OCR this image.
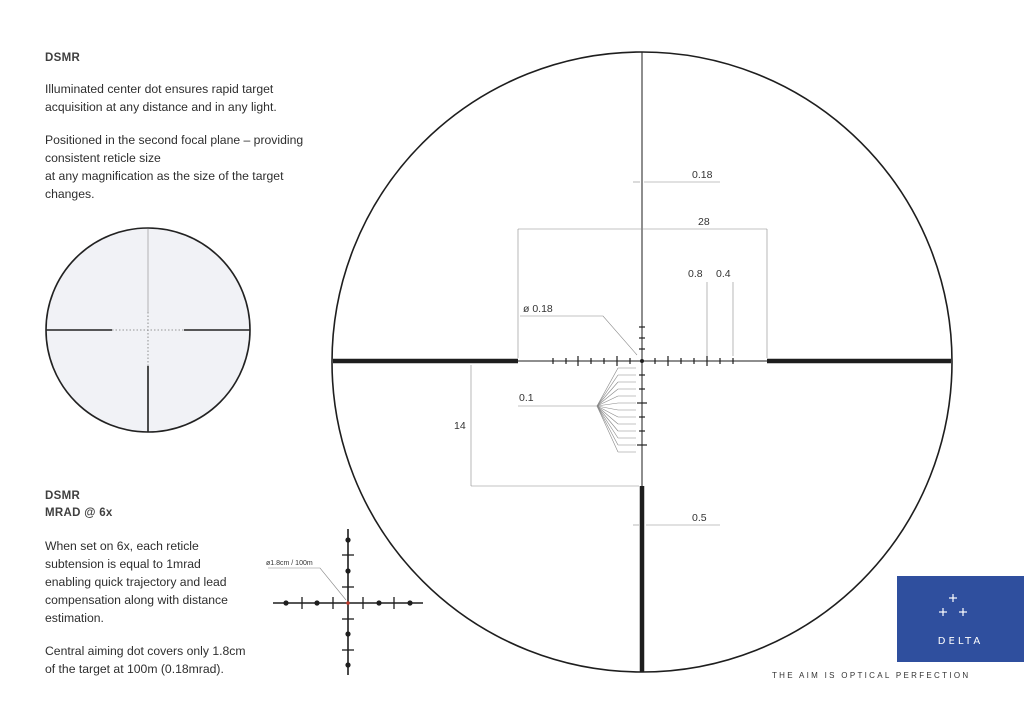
DSMR

Illuminated center dot ensures rapid target
acquisition at any distance and in any light.

Positioned in the second focal plane – providing
consistent reticle size
at any magnification as the size of the target
changes.

DSMR
MRAD @ 6x

When set on 6x, each reticle
subtension is equal to 1mrad
enabling quick trajectory and lead
compensation along with distance
estimation.

Central aiming dot covers only 1.8cm
of the target at 100m (0.18mrad).

0.18
28
0.8 0.4
ø 0.18
0.1
14
0.5
ø1.8cm / 100m
DELTA
THE AIM IS OPTICAL PERFECTION
